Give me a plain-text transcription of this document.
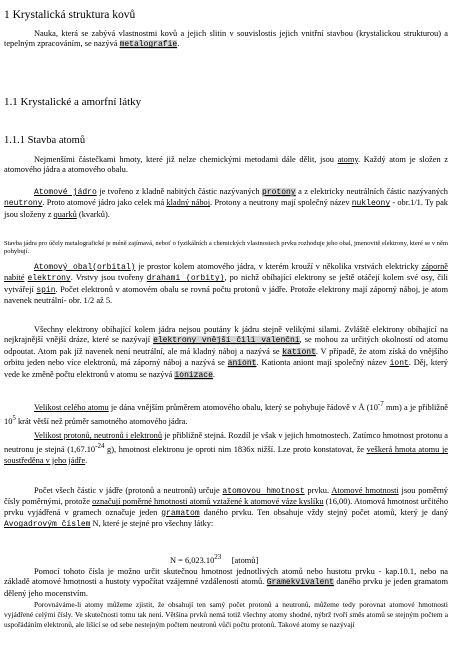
1 Krystalická struktura kovů

Nauka, která se zabývá vlastnostmi kovů a jejich slitin v souvislostis jejich vnitřní stavbou (krystalickou strukturou) a tepelným zpracováním, se nazývá metalografie.

1.1 Krystalické a amorfní látky
1.1.1 Stavba atomů

Nejmenšími částečkami hmoty, které již nelze chemickými metodami dále dělit, jsou atomy. Každý atom je složen z atomového jádra a atomového obalu.

Atomové jádro je tvořeno z kladně nabitých částic nazývaných protony a z elektricky neutrálních částic nazývaných neutrony. Proto atomové jádro jako celek má kladný náboj. Protony a neutrony mají společný název nukleony - obr.1/1. Ty pak jsou složeny z quarků (kvarků).

Stavba jádra pro účely metalografické je méně zajímavá, neboť o fyzikálních a chemických vlastnostech prvku rozhoduje jeho obal, jmenovitě elektrony, které se v něm pohybují.

Atomový obal(orbital) je prostor kolem atomového jádra, v kterém krouží v několika vrstvách elektricky záporně nabité elektrony. Vrstvy jsou tvořeny drahami (orbity), po nichž obíhající elektrony se ještě otáčejí kolem své osy, čili vytvářejí spin. Počet elektronů v atomovém obalu se rovná počtu protonů v jádře. Protože elektrony mají záporný náboj, je atom navenek neutrální- obr. 1/2 až 5.

Všechny elektrony obíhající kolem jádra nejsou poutány k jádru stejně velikými silami. Zvláště elektrony obíhající na nejkrajnější vnější dráze, které se nazývají elektrony vnější čili valenční, se mohou za určitých okolností od atomu odpoutat. Atom pak jíž navenek není neutrální, ale má kladný náboj a nazývá se kationt. V případě, že atom získá do vnějšího orbitu jeden nebo více elektronů, má záporný náboj a nazývá se aniont. Kationta aniont mají společný název iont. Děj, který vede ke změně počtu elektronů v atomu se nazývá ionizace.

Velikost celého atomu je dána vnějším průměrem atomového obalu, který se pohybuje řádově v Å ($10^{-7}$ mm) a je přibližně $10^5$ krát větší než průměr samotného atomového jádra.

Velikost protonů, neutronů i elektronů je přibližně stejná. Rozdíl je však v jejich hmotnostech. Zatímco hmotnost protonu a neutronu je stejná ($1,67.10^{-24}$ g), hmotnost elektronu je oproti nim 1836x nižší. Lze proto konstatovat, že veškerá hmota atomu je soustředěna v jeho jádře.

Počet všech částic v jádře (protonů a neutronů) určuje atomovou hmotnost prvku. Atomové hmotnosti jsou poměrný čísly poměrnými, protože označují poměrné hmotnosti atomů vztažené k atomové váze kyslíku (16,00). Atomová hmotnost určitého prvku vyjádřená v gramech označuje jeden gramatom daného prvku. Ten obsahuje vždy stejný počet atomů, který je daný Avogadrovým číslem N, které je stejné pro všechny látky:

$N = 6,023.10^{23}$     [atomů]

Pomocí tohoto čísla je možno určit skutečnou hmotnost jednotlivých atomů nebo hustotu prvku - kap.10.1, nebo na základě atomové hmotnosti a hustoty vypočítat vzájemné vzdálenosti atomů. Gramekvivalent daného prvku je jeden gramatom dělený jeho mocenstvím.

Porovnáváme-li atomy můžeme zjistit, že obsahují ten samý počet protonů a neutronů, můžeme tedy porovnat atomové hmotnosti vyjádřené celými čísly. Ve skutečnosti tomu tak není. Většina prvků nemá totiž všechny atomy shodné, nýbrž tvoří směs atomů se stejným počtem a uspořádáním elektronů, ale lišící se od sebe nestejným počtem neutronů vůči počtu protonů. Takové atomy se nazývají
